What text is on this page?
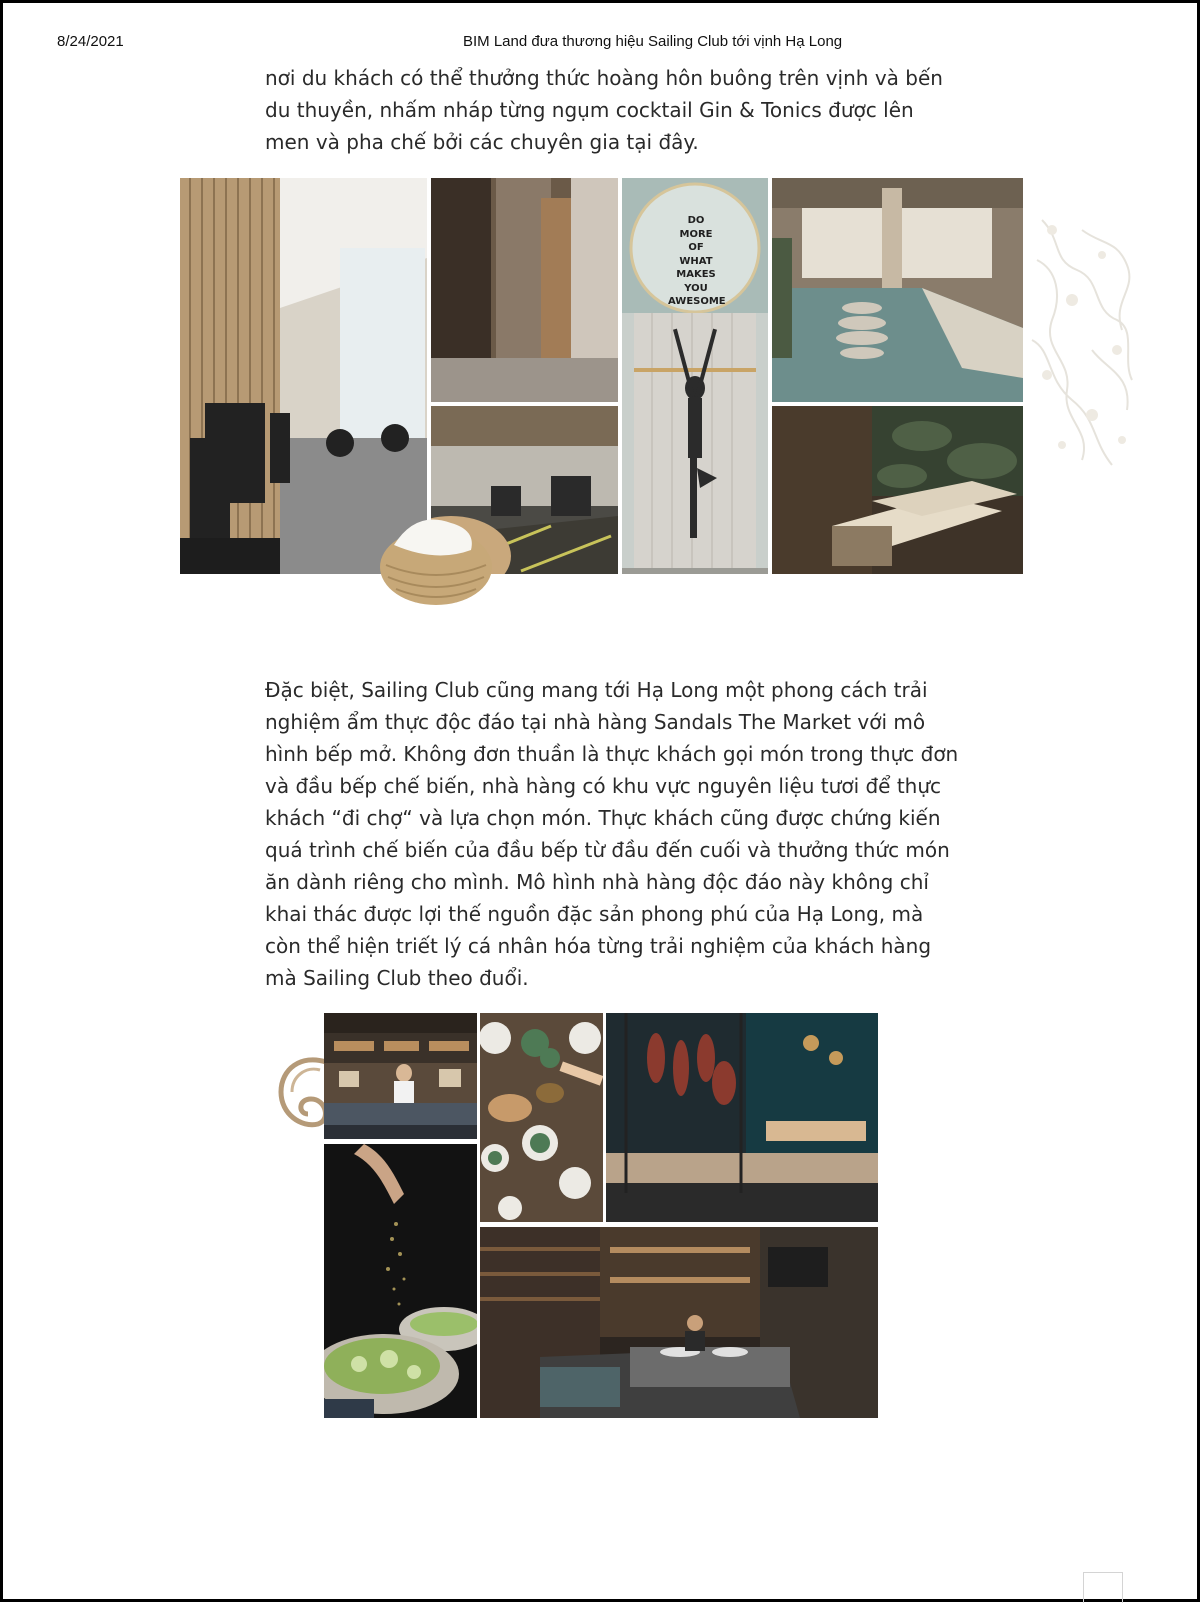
8/24/2021	BIM Land đưa thương hiệu Sailing Club tới vịnh Hạ Long

nơi du khách có thể thưởng thức hoàng hôn buông trên vịnh và bến
du thuyền, nhấm nháp từng ngụm cocktail Gin & Tonics được lên
men và pha chế bởi các chuyên gia tại đây.

DO
MORE
OF
WHAT
MAKES
YOU
AWESOME

Đặc biệt, Sailing Club cũng mang tới Hạ Long một phong cách trải
nghiệm ẩm thực độc đáo tại nhà hàng Sandals The Market với mô
hình bếp mở. Không đơn thuần là thực khách gọi món trong thực đơn
và đầu bếp chế biến, nhà hàng có khu vực nguyên liệu tươi để thực
khách “đi chợ“ và lựa chọn món. Thực khách cũng được chứng kiến
quá trình chế biến của đầu bếp từ đầu đến cuối và thưởng thức món
ăn dành riêng cho mình. Mô hình nhà hàng độc đáo này không chỉ
khai thác được lợi thế nguồn đặc sản phong phú của Hạ Long, mà
còn thể hiện triết lý cá nhân hóa từng trải nghiệm của khách hàng
mà Sailing Club theo đuổi.
